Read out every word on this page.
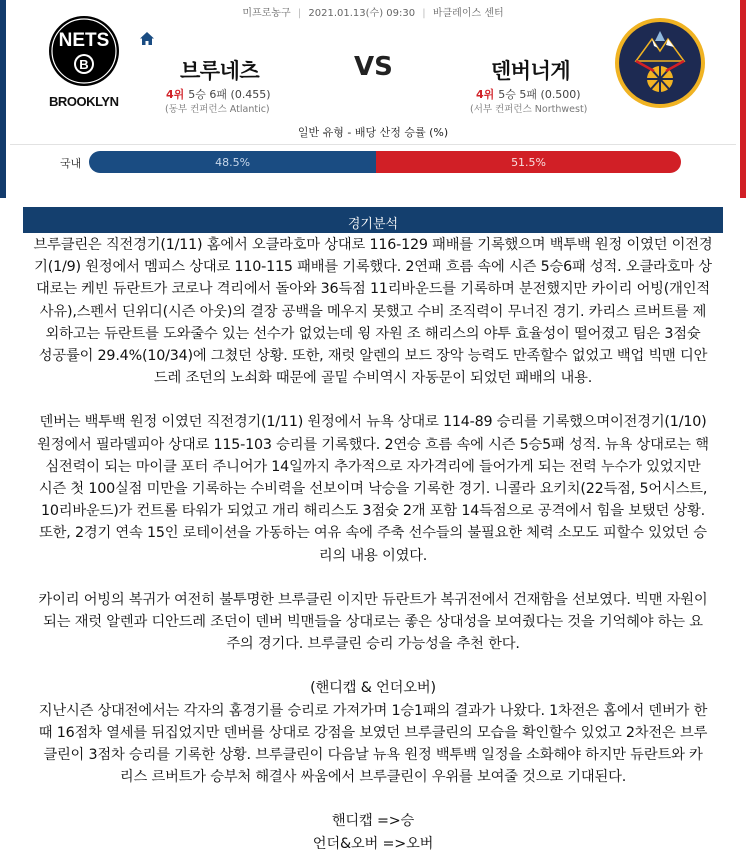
미프로농구 | 2021.01.13(수) 09:30 | 바클레이스 센터
NETS
B
BROOKLYN
브루네츠	VS	덴버너게
4위 5승 6패 (0.455)
(동부 컨퍼런스 Atlantic)
4위 5승 5패 (0.500)
(서부 컨퍼런스 Northwest)
일반 유형 - 배당 산정 승률 (%)
국내	48.5%	51.5%
경기분석

브루클린은 직전경기(1/11) 홈에서 오클라호마 상대로 116-129 패배를 기록했으며 백투백 원정 이였던 이전경

기(1/9) 원정에서 멤피스 상대로 110-115 패배를 기록했다. 2연패 흐름 속에 시즌 5승6패 성적. 오클라호마 상

대로는 케빈 듀란트가 코로나 격리에서 돌아와 36득점 11리바운드를 기록하며 분전했지만 카이리 어빙(개인적

사유),스펜서 딘위디(시즌 아웃)의 결장 공백을 메우지 못했고 수비 조직력이 무너진 경기. 카리스 르버트를 제

외하고는 듀란트를 도와줄수 있는 선수가 없었는데 윙 자원 조 해리스의 야투 효율성이 떨어졌고 팀은 3점슛

성공률이 29.4%(10/34)에 그쳤던 상황. 또한, 재럿 알렌의 보드 장악 능력도 만족할수 없었고 백업 빅맨 디안

드레 조던의 노쇠화 때문에 골밑 수비역시 자동문이 되었던 패배의 내용.

덴버는 백투백 원정 이였던 직전경기(1/11) 원정에서 뉴욕 상대로 114-89 승리를 기록했으며이전경기(1/10)

원정에서 필라델피아 상대로 115-103 승리를 기록했다. 2연승 흐름 속에 시즌 5승5패 성적. 뉴욕 상대로는 핵

심전력이 되는 마이클 포터 주니어가 14일까지 추가적으로 자가격리에 들어가게 되는 전력 누수가 있었지만

시즌 첫 100실점 미만을 기록하는 수비력을 선보이며 낙승을 기록한 경기. 니콜라 요키치(22득점, 5어시스트,

10리바운드)가 컨트롤 타워가 되었고 개리 해리스도 3점슛 2개 포함 14득점으로 공격에서 힘을 보탰던 상황.

또한, 2경기 연속 15인 로테이션을 가동하는 여유 속에 주축 선수들의 불필요한 체력 소모도 피할수 있었던 승

리의 내용 이였다.

카이리 어빙의 복귀가 여전히 불투명한 브루클린 이지만 듀란트가 복귀전에서 건재함을 선보였다. 빅맨 자원이

되는 재럿 알렌과 디안드레 조던이 덴버 빅맨들을 상대로는 좋은 상대성을 보여줬다는 것을 기억헤야 하는 요

주의 경기다. 브루클린 승리 가능성을 추천 한다.

(핸디캡 & 언더오버)

지난시즌 상대전에서는 각자의 홈경기를 승리로 가져가며 1승1패의 결과가 나왔다. 1차전은 홈에서 덴버가 한

때 16점차 열세를 뒤집었지만 덴버를 상대로 강점을 보였던 브루클린의 모습을 확인할수 있었고 2차전은 브루

클린이 3점차 승리를 기록한 상황. 브루클린이 다음날 뉴욕 원정 백투백 일정을 소화해야 하지만 듀란트와 카

리스 르버트가 승부처 해결사 싸움에서 브루클린이 우위를 보여줄 것으로 기대된다.

핸디캡 =>승

언더&오버 =>오버
